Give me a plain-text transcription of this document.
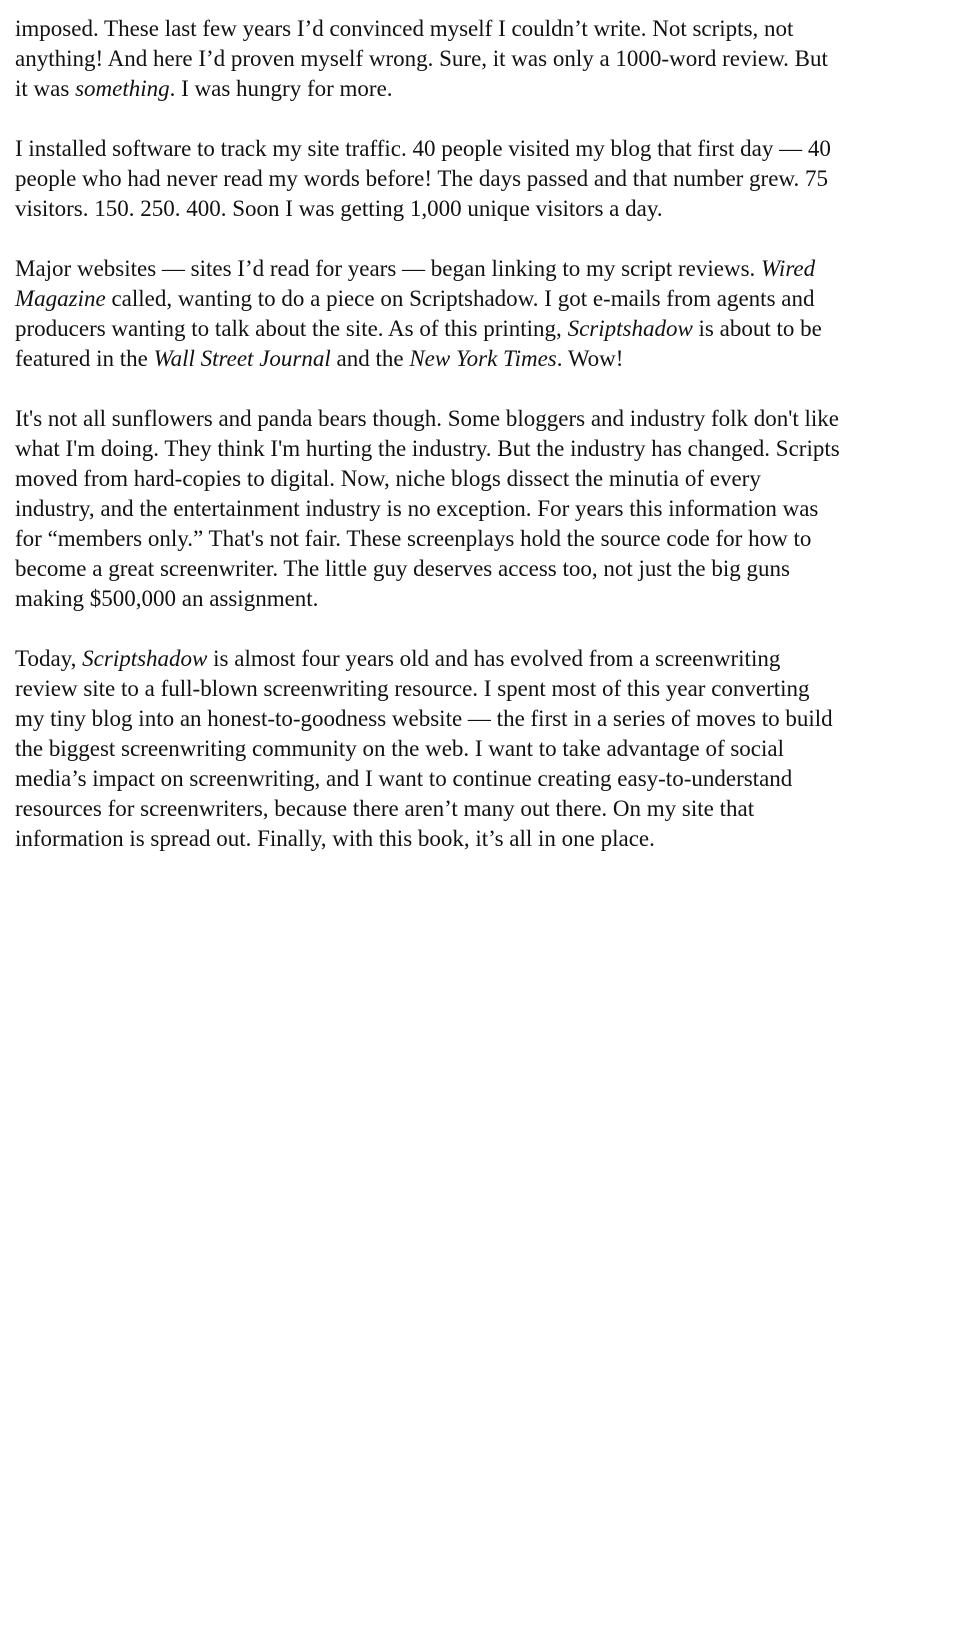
imposed. These last few years I’d convinced myself I couldn’t write. Not scripts, not
anything! And here I’d proven myself wrong. Sure, it was only a 1000-word review. But
it was something. I was hungry for more.

I installed software to track my site traffic. 40 people visited my blog that first day — 40
people who had never read my words before! The days passed and that number grew. 75
visitors. 150. 250. 400. Soon I was getting 1,000 unique visitors a day.

Major websites — sites I’d read for years — began linking to my script reviews. Wired
Magazine called, wanting to do a piece on Scriptshadow. I got e-mails from agents and
producers wanting to talk about the site. As of this printing, Scriptshadow is about to be
featured in the Wall Street Journal and the New York Times. Wow!

It's not all sunflowers and panda bears though. Some bloggers and industry folk don't like
what I'm doing. They think I'm hurting the industry. But the industry has changed. Scripts
moved from hard-copies to digital. Now, niche blogs dissect the minutia of every
industry, and the entertainment industry is no exception. For years this information was
for “members only.” That's not fair. These screenplays hold the source code for how to
become a great screenwriter. The little guy deserves access too, not just the big guns
making $500,000 an assignment.

Today, Scriptshadow is almost four years old and has evolved from a screenwriting
review site to a full-blown screenwriting resource. I spent most of this year converting
my tiny blog into an honest-to-goodness website — the first in a series of moves to build
the biggest screenwriting community on the web. I want to take advantage of social
media’s impact on screenwriting, and I want to continue creating easy-to-understand
resources for screenwriters, because there aren’t many out there. On my site that
information is spread out. Finally, with this book, it’s all in one place.
